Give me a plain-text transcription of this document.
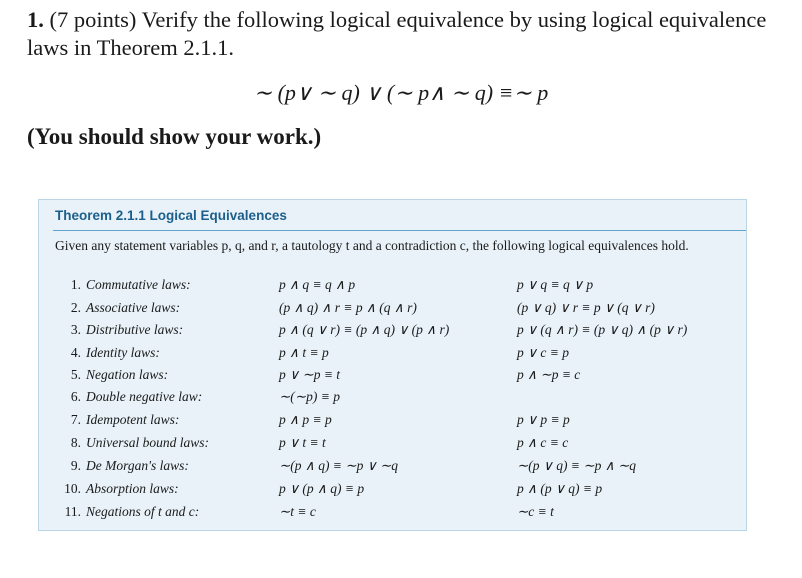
1. (7 points) Verify the following logical equivalence by using logical equivalence laws in Theorem 2.1.1.
∼ (p∨ ∼ q) ∨ (∼ p∧ ∼ q) ≡∼ p
(You should show your work.)
Theorem 2.1.1 Logical Equivalences
Given any statement variables p, q, and r, a tautology t and a contradiction c, the following logical equivalences hold.
1. Commutative laws:	p ∧ q ≡ q ∧ p	p ∨ q ≡ q ∨ p
2. Associative laws:	(p ∧ q) ∧ r ≡ p ∧ (q ∧ r)	(p ∨ q) ∨ r ≡ p ∨ (q ∨ r)
3. Distributive laws:	p ∧ (q ∨ r) ≡ (p ∧ q) ∨ (p ∧ r)	p ∨ (q ∧ r) ≡ (p ∨ q) ∧ (p ∨ r)
4. Identity laws:	p ∧ t ≡ p	p ∨ c ≡ p
5. Negation laws:	p ∨ ∼p ≡ t	p ∧ ∼p ≡ c
6. Double negative law:	∼(∼p) ≡ p
7. Idempotent laws:	p ∧ p ≡ p	p ∨ p ≡ p
8. Universal bound laws:	p ∨ t ≡ t	p ∧ c ≡ c
9. De Morgan's laws:	∼(p ∧ q) ≡ ∼p ∨ ∼q	∼(p ∨ q) ≡ ∼p ∧ ∼q
10. Absorption laws:	p ∨ (p ∧ q) ≡ p	p ∧ (p ∨ q) ≡ p
11. Negations of t and c:	∼t ≡ c	∼c ≡ t
